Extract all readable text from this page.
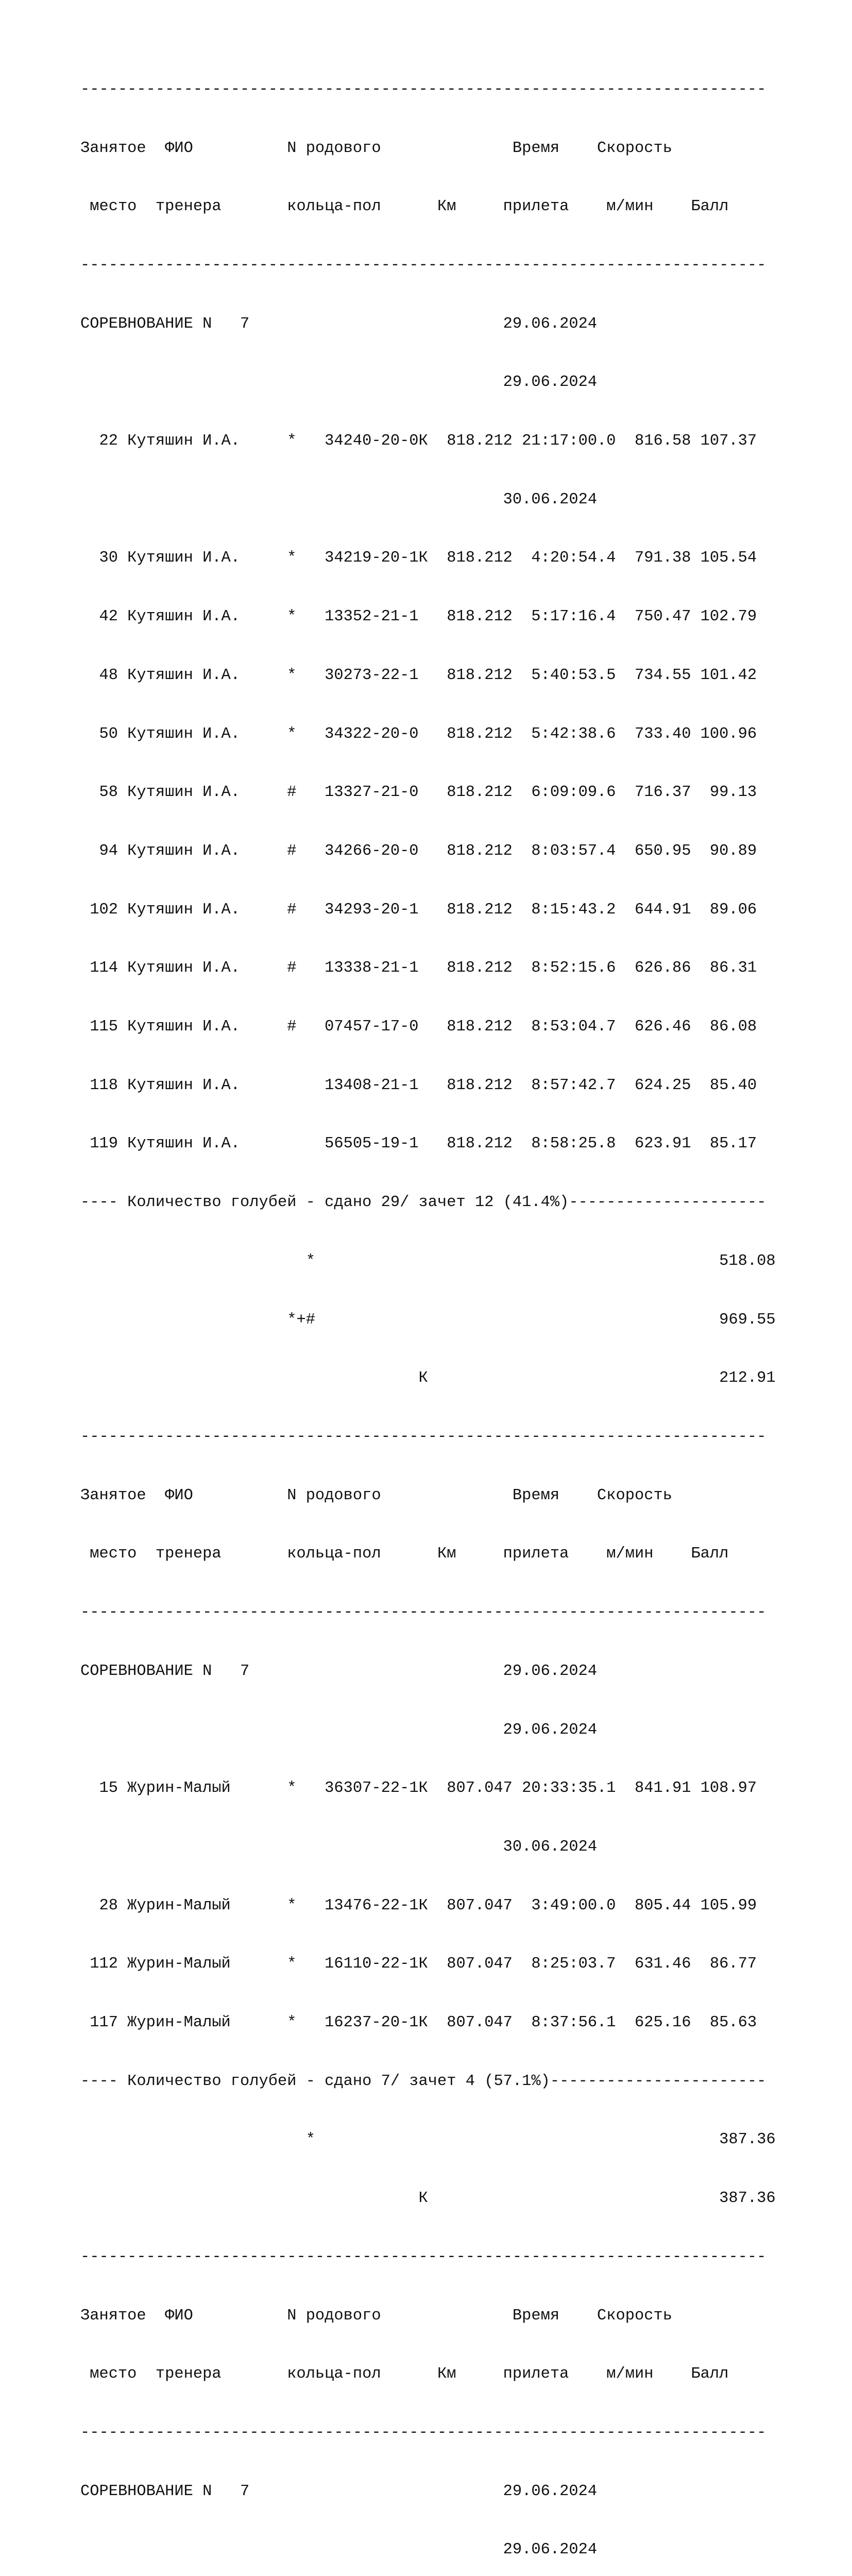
-------------------------------------------------------------------------

Занятое  ФИО          N родового              Время    Скорость

место  тренера       кольца-пол      Км     прилета    м/мин    Балл

-------------------------------------------------------------------------

СОРЕВНОВАНИЕ N   7                           29.06.2024

29.06.2024

22 Кутяшин И.А.     *   34240-20-0К  818.212 21:17:00.0  816.58 107.37

30.06.2024

30 Кутяшин И.А.     *   34219-20-1К  818.212  4:20:54.4  791.38 105.54

42 Кутяшин И.А.     *   13352-21-1   818.212  5:17:16.4  750.47 102.79

48 Кутяшин И.А.     *   30273-22-1   818.212  5:40:53.5  734.55 101.42

50 Кутяшин И.А.     *   34322-20-0   818.212  5:42:38.6  733.40 100.96

58 Кутяшин И.А.     #   13327-21-0   818.212  6:09:09.6  716.37  99.13

94 Кутяшин И.А.     #   34266-20-0   818.212  8:03:57.4  650.95  90.89

102 Кутяшин И.А.     #   34293-20-1   818.212  8:15:43.2  644.91  89.06

114 Кутяшин И.А.     #   13338-21-1   818.212  8:52:15.6  626.86  86.31

115 Кутяшин И.А.     #   07457-17-0   818.212  8:53:04.7  626.46  86.08

118 Кутяшин И.А.         13408-21-1   818.212  8:57:42.7  624.25  85.40

119 Кутяшин И.А.         56505-19-1   818.212  8:58:25.8  623.91  85.17

---- Количество голубей - сдано 29/ зачет 12 (41.4%)---------------------

*                                           518.08

*+#                                           969.55

К                               212.91

-------------------------------------------------------------------------

Занятое  ФИО          N родового              Время    Скорость

место  тренера       кольца-пол      Км     прилета    м/мин    Балл

-------------------------------------------------------------------------

СОРЕВНОВАНИЕ N   7                           29.06.2024

29.06.2024

15 Журин-Малый      *   36307-22-1К  807.047 20:33:35.1  841.91 108.97

30.06.2024

28 Журин-Малый      *   13476-22-1К  807.047  3:49:00.0  805.44 105.99

112 Журин-Малый      *   16110-22-1К  807.047  8:25:03.7  631.46  86.77

117 Журин-Малый      *   16237-20-1К  807.047  8:37:56.1  625.16  85.63

---- Количество голубей - сдано 7/ зачет 4 (57.1%)-----------------------

*                                           387.36

К                               387.36

-------------------------------------------------------------------------

Занятое  ФИО          N родового              Время    Скорость

место  тренера       кольца-пол      Км     прилета    м/мин    Балл

-------------------------------------------------------------------------

СОРЕВНОВАНИЕ N   7                           29.06.2024

29.06.2024
